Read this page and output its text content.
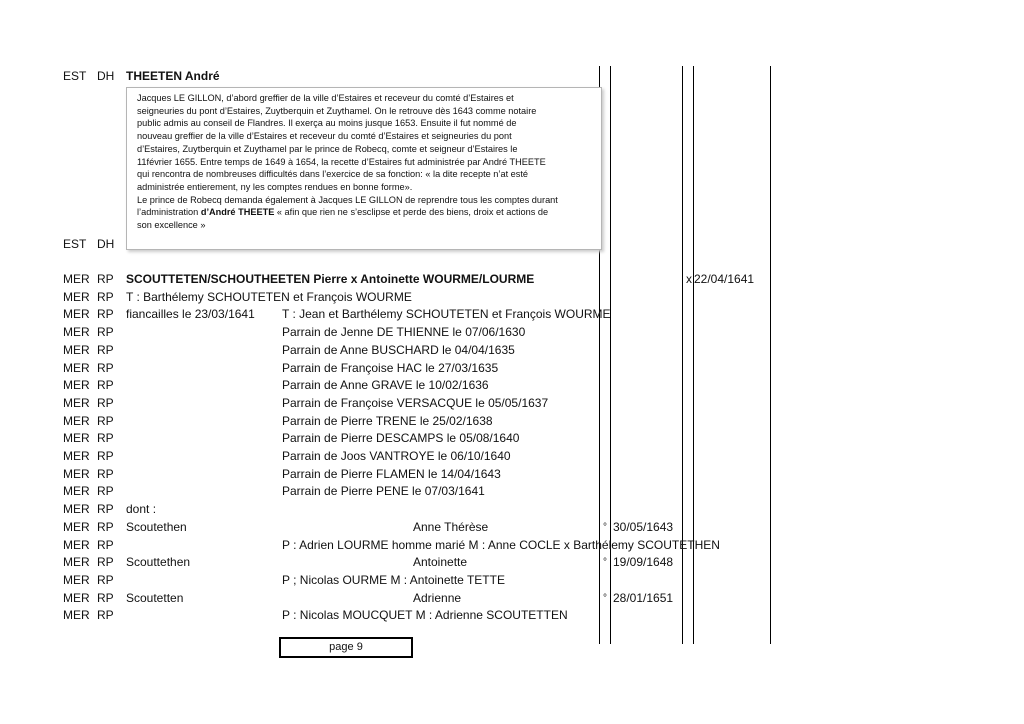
EST DH THEETEN André

Jacques LE GILLON, d’abord greffier de la ville d’Estaires et receveur du comté d’Estaires et

seigneuries du pont d’Estaires, Zuytberquin et Zuythamel. On le retrouve dès 1643 comme notaire

public admis au conseil de Flandres. Il exerça au moins jusque 1653. Ensuite il fut nommé de

nouveau greffier de la ville d’Estaires et receveur du comté d’Estaires et seigneuries du pont

d’Estaires, Zuytberquin et Zuythamel par le prince de Robecq, comte et seigneur d’Estaires le

11février 1655. Entre temps de 1649 à 1654, la recette d’Estaires fut administrée par André THEETE

qui rencontra de nombreuses difficultés dans l’exercice de sa fonction: « la dite recepte n’at esté

administrée entierement, ny les comptes rendues en bonne forme».

Le prince de Robecq demanda également à Jacques LE GILLON de reprendre tous les comptes durant

l’administration d’André THEETE « afin que rien ne s’esclipse et perde des biens, droix et actions de

son excellence »

EST DH
MER RP SCOUTTETEN/SCHOUTHEETEN Pierre x Antoinette WOURME/LOURME	x 22/04/1641
MER RP T : Barthélemy SCHOUTETEN et François WOURME
MER RP fiancailles le 23/03/1641 T : Jean et Barthélemy SCHOUTETEN et François WOURME
MER RP	Parrain de Jenne DE THIENNE le 07/06/1630
MER RP	Parrain de Anne BUSCHARD le 04/04/1635
MER RP	Parrain de Françoise HAC le 27/03/1635
MER RP	Parrain de Anne GRAVE le 10/02/1636
MER RP	Parrain de Françoise VERSACQUE le 05/05/1637
MER RP	Parrain de Pierre TRENE le 25/02/1638
MER RP	Parrain de Pierre DESCAMPS le 05/08/1640
MER RP	Parrain de Joos VANTROYE le 06/10/1640
MER RP	Parrain de Pierre FLAMEN le 14/04/1643
MER RP	Parrain de Pierre PENE le 07/03/1641
MER RP dont :
MER RP Scoutethen	Anne Thérèse	° 30/05/1643
MER RP	P : Adrien LOURME homme marié M : Anne COCLE x Barthélemy SCOUTETHEN
MER RP Scouttethen	Antoinette	° 19/09/1648
MER RP	P ; Nicolas OURME M : Antoinette TETTE
MER RP Scoutetten	Adrienne	° 28/01/1651
MER RP	P : Nicolas MOUCQUET M : Adrienne SCOUTETTEN
page 9
